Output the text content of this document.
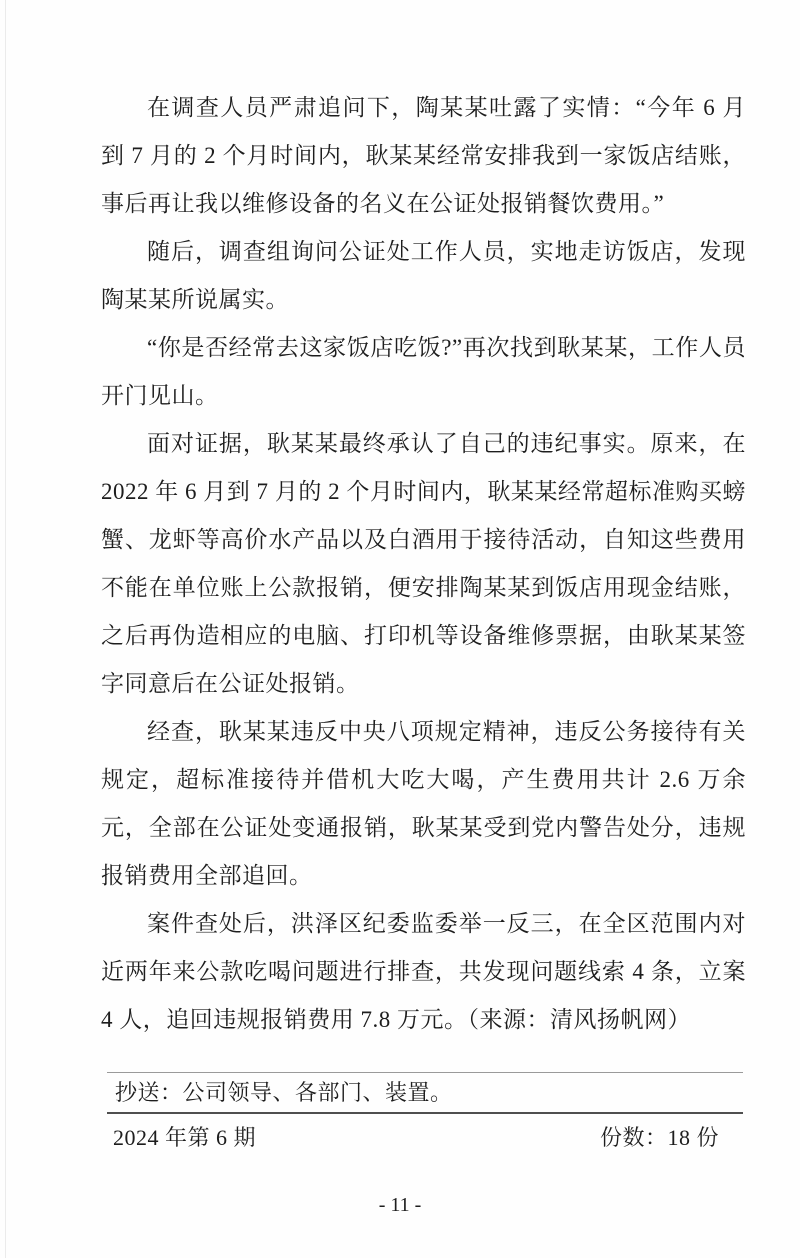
在调查人员严肃追问下，陶某某吐露了实情：“今年 6 月到 7 月的 2 个月时间内，耿某某经常安排我到一家饭店结账，事后再让我以维修设备的名义在公证处报销餐饮费用。”

随后，调查组询问公证处工作人员，实地走访饭店，发现陶某某所说属实。

“你是否经常去这家饭店吃饭?”再次找到耿某某，工作人员开门见山。

面对证据，耿某某最终承认了自己的违纪事实。原来，在 2022 年 6 月到 7 月的 2 个月时间内，耿某某经常超标准购买螃蟹、龙虾等高价水产品以及白酒用于接待活动，自知这些费用不能在单位账上公款报销，便安排陶某某到饭店用现金结账，之后再伪造相应的电脑、打印机等设备维修票据，由耿某某签字同意后在公证处报销。

经查，耿某某违反中央八项规定精神，违反公务接待有关规定，超标准接待并借机大吃大喝，产生费用共计 2.6 万余元，全部在公证处变通报销，耿某某受到党内警告处分，违规报销费用全部追回。

案件查处后，洪泽区纪委监委举一反三，在全区范围内对近两年来公款吃喝问题进行排查，共发现问题线索 4 条，立案 4 人，追回违规报销费用 7.8 万元。（来源：清风扬帆网）

抄送：公司领导、各部门、装置。
2024 年第 6 期	份数：18 份
- 11 -
